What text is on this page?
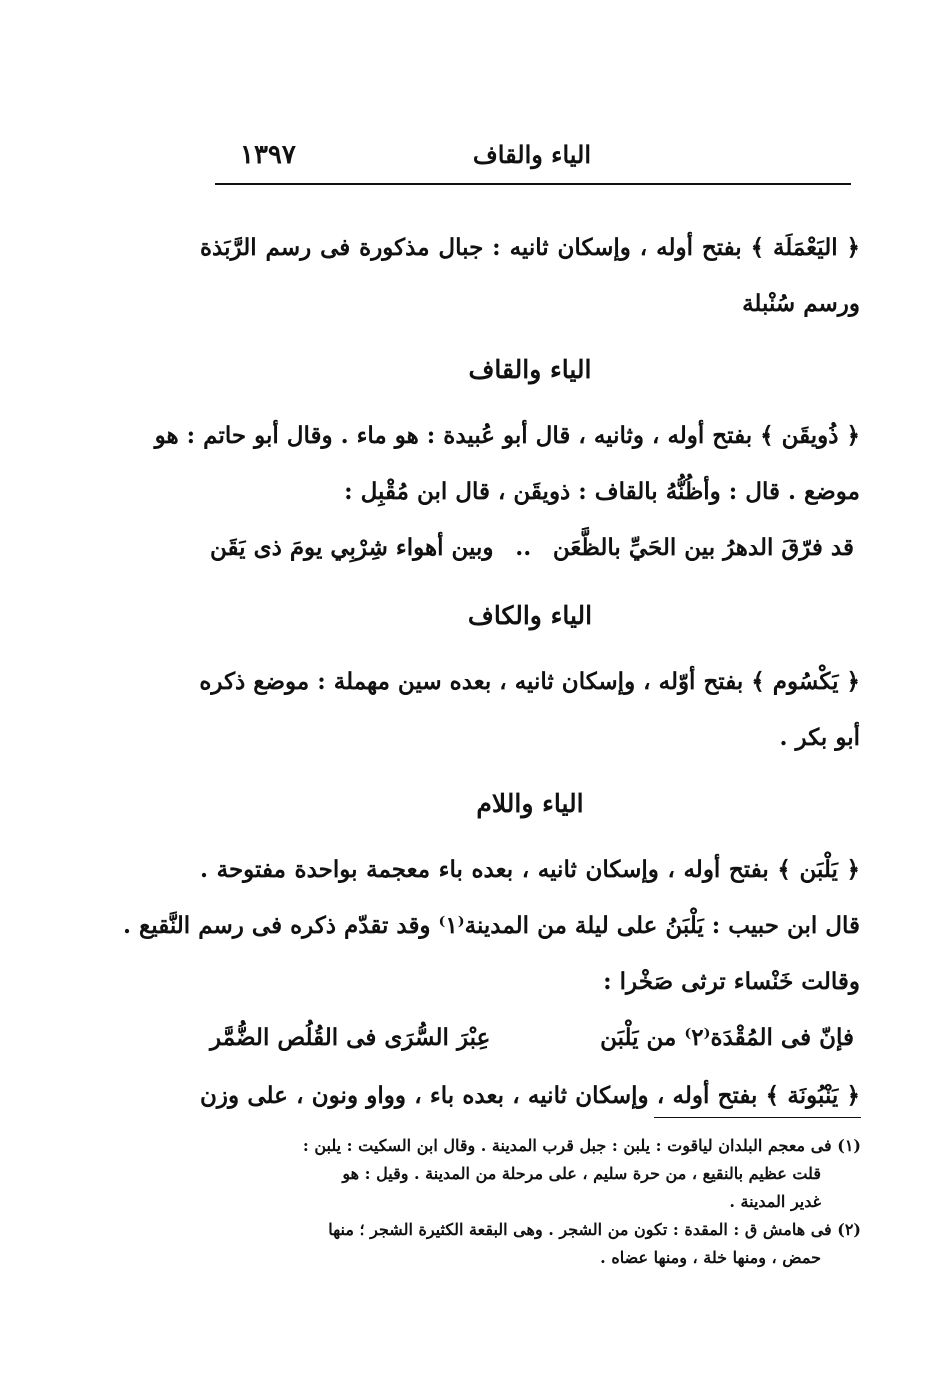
الياء والقاف
١٣٩٧
﴿ اليَعْمَلَة ﴾ بفتح أوله ، وإسكان ثانيه : جبال مذكورة فى رسم الرَّبَذة
ورسم سُنْبلة
الياء والقاف
﴿ ذُويقَن ﴾ بفتح أوله ، وثانيه ، قال أبو عُبيدة : هو ماء . وقال أبو حاتم : هو
موضع . قال : وأظُنُّهُ بالقاف : ذويقَن ، قال ابن مُقْبِل :
قد فرّقَ الدهرُ بين الحَيِّ بالظَّعَن
..
وبين أهواء شِرْبِي يومَ ذى يَقَن
الياء والكاف
﴿ يَكْسُوم ﴾ بفتح أوّله ، وإسكان ثانيه ، بعده سين مهملة : موضع ذكره
أبو بكر .
الياء واللام
﴿ يَلْبَن ﴾ بفتح أوله ، وإسكان ثانيه ، بعده باء معجمة بواحدة مفتوحة .
قال ابن حبيب : يَلْبَنُ على ليلة من المدينة⁽١⁾ وقد تقدّم ذكره فى رسم النَّقيع .
وقالت خَنْساء ترثى صَخْرا :
فإنّ فى المُقْدَة⁽٢⁾ من يَلْبَن
عِبْرَ السُّرَى فى القُلُص الضُّمَّر
﴿ يَنْبُونَة ﴾ بفتح أوله ، وإسكان ثانيه ، بعده باء ، وواو ونون ، على وزن
(١) فى معجم البلدان لياقوت : يلبن : جبل قرب المدينة . وقال ابن السكيت : يلبن :
قلت عظيم بالنقيع ، من حرة سليم ، على مرحلة من المدينة . وقيل : هو
غدير المدينة .
(٢) فى هامش ق : المقدة : تكون من الشجر . وهى البقعة الكثيرة الشجر ؛ منها
حمض ، ومنها خلة ، ومنها عضاه .
